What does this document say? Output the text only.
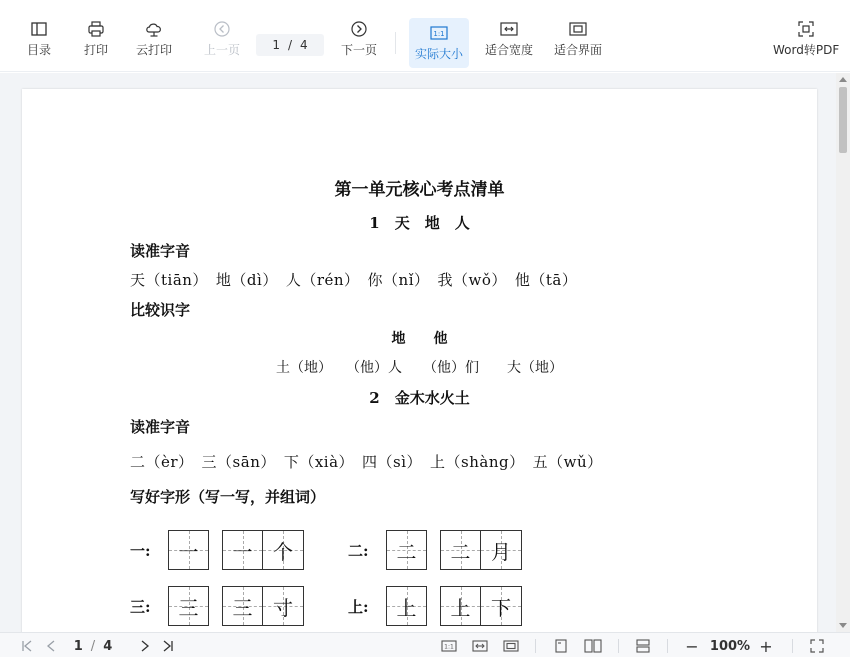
目录	打印 云打印	上一页	1 / 4	下一页
1:1
实际大小 适合宽度 适合界面	Word转PDF
第一单元核心考点清单
1　天　地　人
读准字音
天（tiān）　地（dì）　人（rén）　你（nǐ）　我（wǒ）　他（tā）
比较识字
地　　他
土（地）　　（他）人　　（他）们　　大（地）
2　金木水火土
读准字音
二（èr）　三（sān）　下（xià）　四（sì）　上（shàng）　五（wǔ）
写好字形（写一写，并组词）
一:	一 一 个	二:	二 二 月
三:	三 三 寸	上:	上 上 下
1 / 4	1:1	− 100% +
